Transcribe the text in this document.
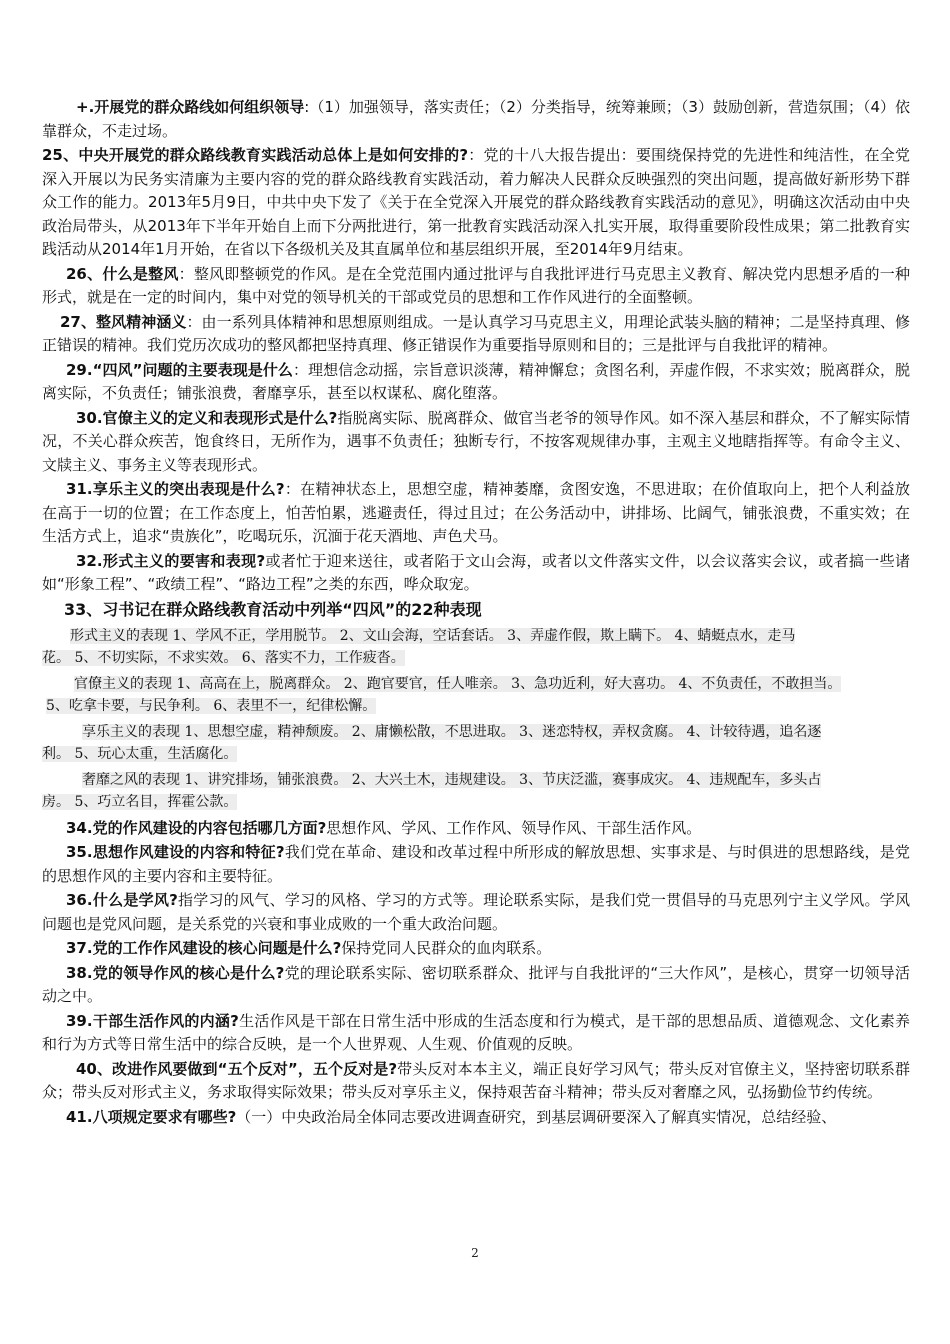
+.开展党的群众路线如何组织领导:（1）加强领导，落实责任；（2）分类指导，统筹兼顾；（3）鼓励创新，营造氛围；（4）依靠群众，不走过场。

25、中央开展党的群众路线教育实践活动总体上是如何安排的?：党的十八大报告提出：要围绕保持党的先进性和纯洁性，在全党深入开展以为民务实清廉为主要内容的党的群众路线教育实践活动，着力解决人民群众反映强烈的突出问题，提高做好新形势下群众工作的能力。2013年5月9日，中共中央下发了《关于在全党深入开展党的群众路线教育实践活动的意见》，明确这次活动由中央政治局带头，从2013年下半年开始自上而下分两批进行，第一批教育实践活动深入扎实开展，取得重要阶段性成果；第二批教育实践活动从2014年1月开始，在省以下各级机关及其直属单位和基层组织开展，至2014年9月结束。

26、什么是整风：整风即整顿党的作风。是在全党范围内通过批评与自我批评进行马克思主义教育、解决党内思想矛盾的一种形式，就是在一定的时间内，集中对党的领导机关的干部或党员的思想和工作作风进行的全面整顿。

27、整风精神涵义：由一系列具体精神和思想原则组成。一是认真学习马克思主义，用理论武装头脑的精神；二是坚持真理、修正错误的精神。我们党历次成功的整风都把坚持真理、修正错误作为重要指导原则和目的；三是批评与自我批评的精神。

29.“四风”问题的主要表现是什么：理想信念动摇，宗旨意识淡薄，精神懈怠；贪图名利，弄虚作假，不求实效；脱离群众，脱离实际，不负责任；铺张浪费，奢靡享乐，甚至以权谋私、腐化堕落。

30.官僚主义的定义和表现形式是什么?指脱离实际、脱离群众、做官当老爷的领导作风。如不深入基层和群众，不了解实际情况，不关心群众疾苦，饱食终日，无所作为，遇事不负责任；独断专行，不按客观规律办事，主观主义地瞎指挥等。有命令主义、文牍主义、事务主义等表现形式。

31.享乐主义的突出表现是什么?：在精神状态上，思想空虚，精神萎靡，贪图安逸，不思进取；在价值取向上，把个人利益放在高于一切的位置；在工作态度上，怕苦怕累，逃避责任，得过且过；在公务活动中，讲排场、比阔气，铺张浪费，不重实效；在生活方式上，追求“贵族化”，吃喝玩乐，沉湎于花天酒地、声色犬马。

32.形式主义的要害和表现?或者忙于迎来送往，或者陷于文山会海，或者以文件落实文件，以会议落实会议，或者搞一些诸如“形象工程”、“政绩工程”、“路边工程”之类的东西，哗众取宠。

33、习书记在群众路线教育活动中列举“四风”的22种表现

形式主义的表现 1、学风不正，学用脱节。 2、文山会海，空话套话。 3、弄虚作假，欺上瞒下。 4、蜻蜓点水，走马
花。 5、不切实际，不求实效。 6、落实不力，工作疲沓。
官僚主义的表现 1、高高在上，脱离群众。 2、跑官要官，任人唯亲。 3、急功近利，好大喜功。 4、不负责任，不敢担当。
5、吃拿卡要，与民争利。 6、表里不一，纪律松懈。
享乐主义的表现 1、思想空虚，精神颓废。 2、庸懒松散，不思进取。 3、迷恋特权，弄权贪腐。 4、计较待遇，追名逐
利。 5、玩心太重，生活腐化。
奢靡之风的表现 1、讲究排场，铺张浪费。 2、大兴土木，违规建设。 3、节庆泛滥，赛事成灾。 4、违规配车，多头占
房。 5、巧立名目，挥霍公款。

34.党的作风建设的内容包括哪几方面?思想作风、学风、工作作风、领导作风、干部生活作风。

35.思想作风建设的内容和特征?我们党在革命、建设和改革过程中所形成的解放思想、实事求是、与时俱进的思想路线，是党的思想作风的主要内容和主要特征。

36.什么是学风?指学习的风气、学习的风格、学习的方式等。理论联系实际，是我们党一贯倡导的马克思列宁主义学风。学风问题也是党风问题，是关系党的兴衰和事业成败的一个重大政治问题。

37.党的工作作风建设的核心问题是什么?保持党同人民群众的血肉联系。

38.党的领导作风的核心是什么?党的理论联系实际、密切联系群众、批评与自我批评的“三大作风”，是核心，贯穿一切领导活动之中。

39.干部生活作风的内涵?生活作风是干部在日常生活中形成的生活态度和行为模式，是干部的思想品质、道德观念、文化素养和行为方式等日常生活中的综合反映，是一个人世界观、人生观、价值观的反映。

40、改进作风要做到“五个反对”，五个反对是?带头反对本本主义，端正良好学习风气；带头反对官僚主义，坚持密切联系群众；带头反对形式主义，务求取得实际效果；带头反对享乐主义，保持艰苦奋斗精神；带头反对奢靡之风，弘扬勤俭节约传统。

41.八项规定要求有哪些?（一）中央政治局全体同志要改进调查研究，到基层调研要深入了解真实情况，总结经验、

2
